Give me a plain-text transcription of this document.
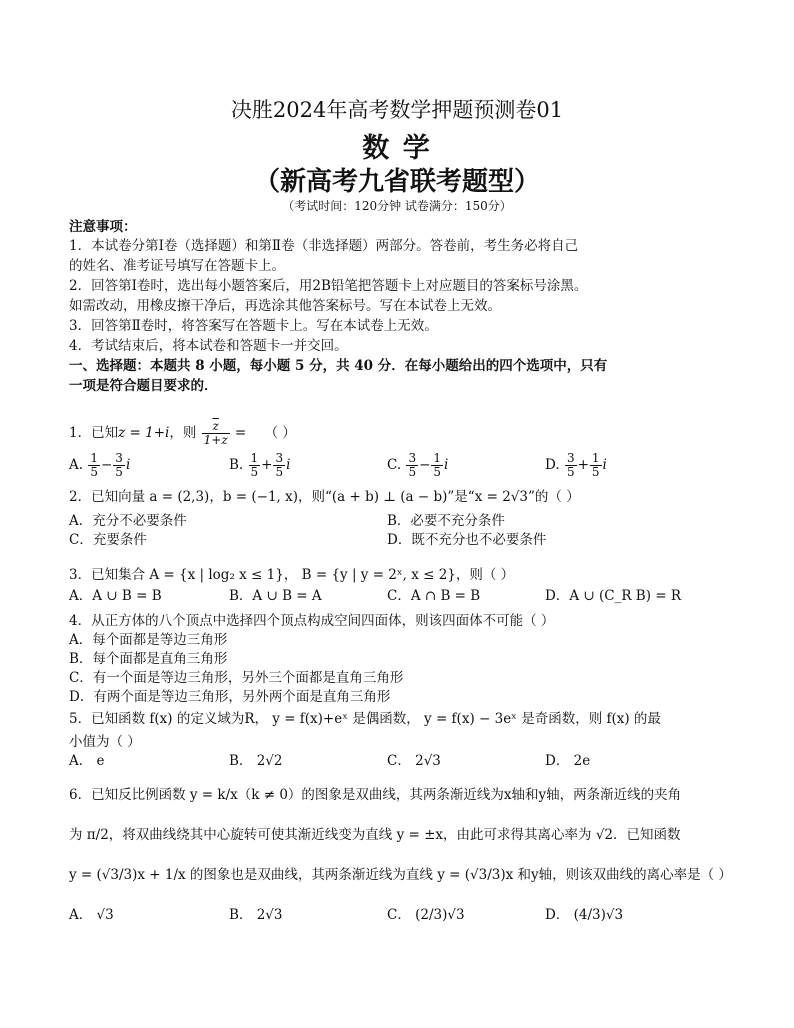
决胜2024年高考数学押题预测卷01
数 学
（新高考九省联考题型）
（考试时间：120分钟 试卷满分：150分）
注意事项：
1．本试卷分第Ⅰ卷（选择题）和第Ⅱ卷（非选择题）两部分。答卷前，考生务必将自己
的姓名、准考证号填写在答题卡上。
2．回答第Ⅰ卷时，选出每小题答案后，用2B铅笔把答题卡上对应题目的答案标号涂黑。
如需改动，用橡皮擦干净后，再选涂其他答案标号。写在本试卷上无效。
3．回答第Ⅱ卷时，将答案写在答题卡上。写在本试卷上无效。
4．考试结束后，将本试卷和答题卡一并交回。
一、选择题：本题共 8 小题，每小题 5 分，共 40 分．在每小题给出的四个选项中，只有
一项是符合题目要求的．
1．已知z = 1+i，则 $\frac{\overline{z}}{1+z}$ = （ ）
A. $\frac{1}{5} - \frac{3}{5}$ i	B. $\frac{1}{5} + \frac{3}{5}$ i	C. $\frac{3}{5} - \frac{1}{5}$ i	D. $\frac{3}{5} + \frac{1}{5}$ i
2．已知向量 a = (2,3)，b = (−1, x)，则“(a + b) ⊥ (a − b)”是“x = 2√3”的（ ）
A．充分不必要条件	B．必要不充分条件
C．充要条件	D．既不充分也不必要条件
3．已知集合 A = {x | log₂ x ≤ 1}， B = {y | y = 2ˣ, x ≤ 2}，则（ ）
A．A ∪ B = B	B．A ∪ B = A	C．A ∩ B = B	D．A ∪ (C_R B) = R
4．从正方体的八个顶点中选择四个顶点构成空间四面体，则该四面体不可能（ ）
A．每个面都是等边三角形
B．每个面都是直角三角形
C．有一个面是等边三角形，另外三个面都是直角三角形
D．有两个面是等边三角形，另外两个面是直角三角形
5．已知函数 f(x) 的定义域为R， y = f(x)+eˣ 是偶函数， y = f(x) − 3eˣ 是奇函数，则 f(x) 的最
小值为（ ）
A． e	B． 2√2	C． 2√3	D． 2e
6．已知反比例函数 y = k/x（k ≠ 0）的图象是双曲线，其两条渐近线为x轴和y轴，两条渐近线的夹角
为 π/2，将双曲线绕其中心旋转可使其渐近线变为直线 y = ±x，由此可求得其离心率为 √2．已知函数
y = (√3/3)x + 1/x 的图象也是双曲线，其两条渐近线为直线 y = (√3/3)x 和y轴，则该双曲线的离心率是（ ）
A． √3	B． 2√3	C． (2/3)√3	D． (4/3)√3
